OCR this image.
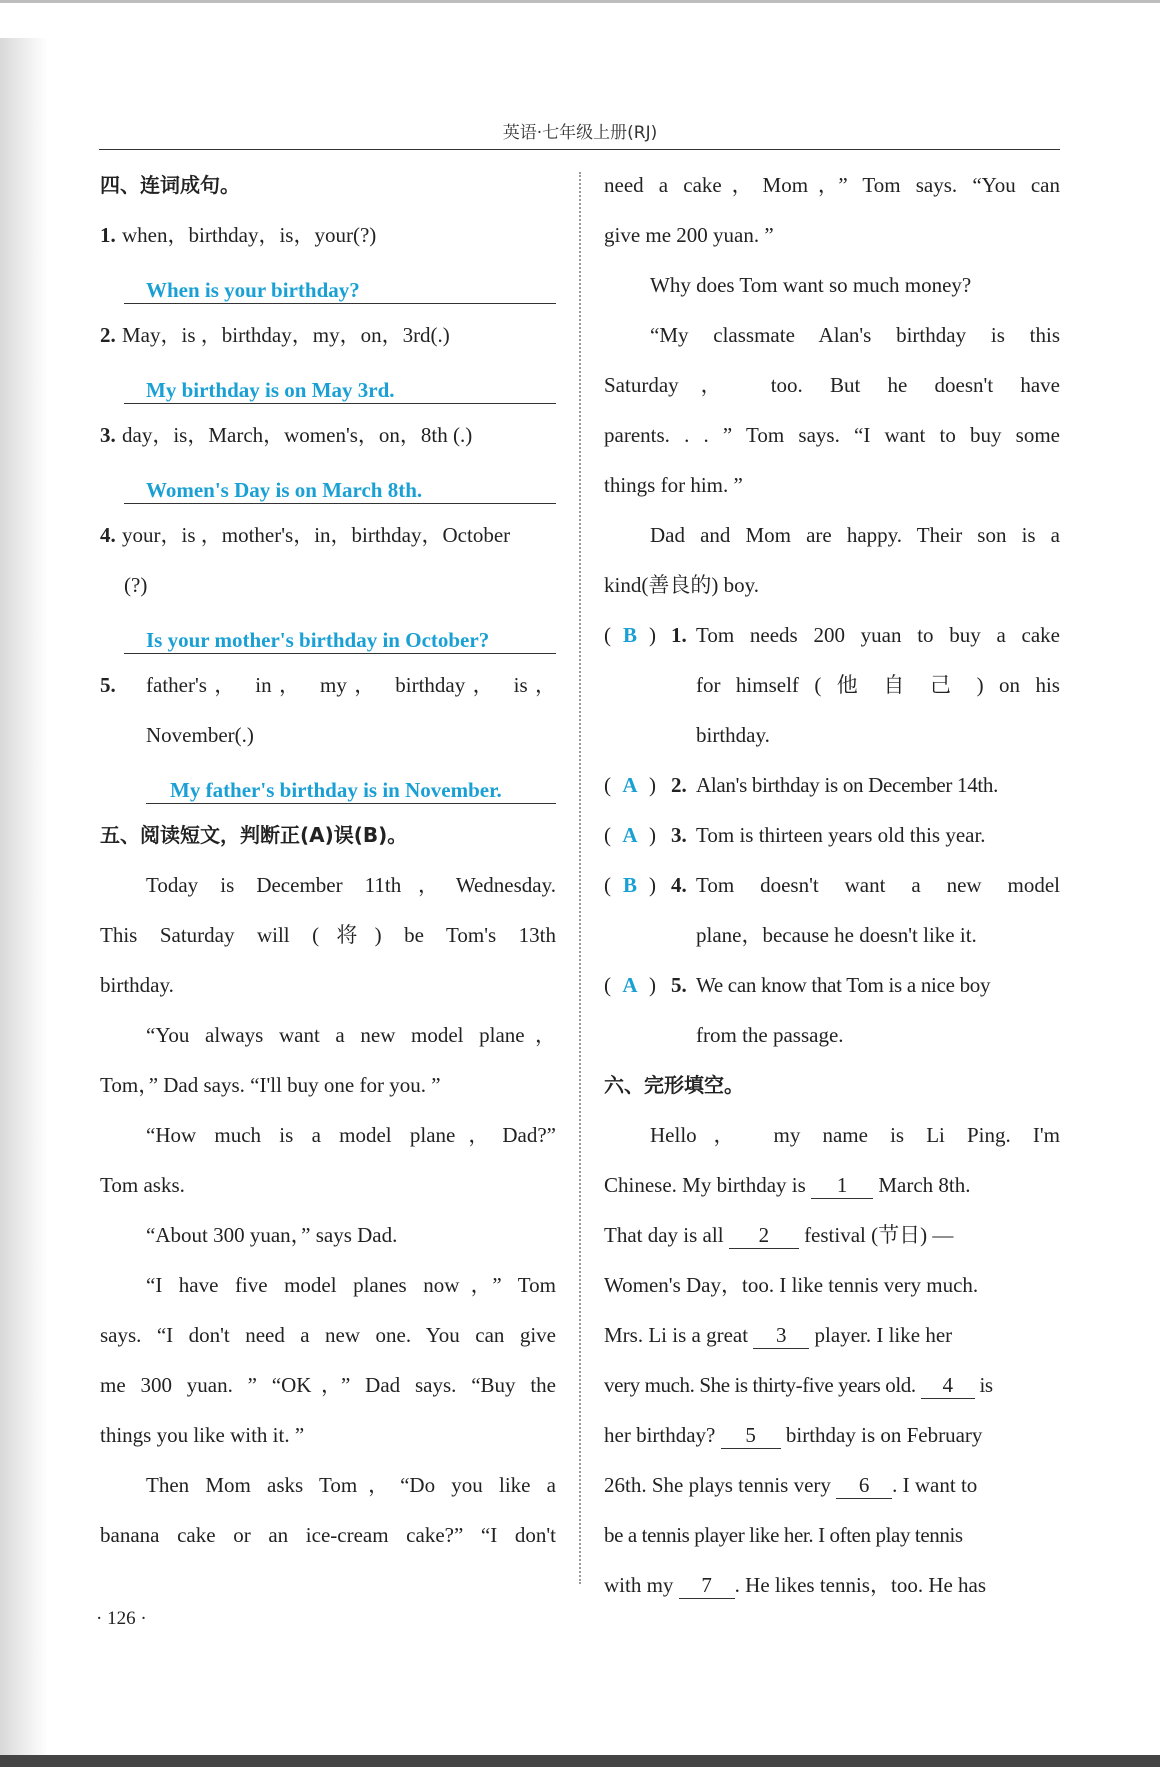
英语·七年级上册(RJ)
四、连词成句。
1. when，birthday，is，your(?)
When is your birthday?
2. May，is ，birthday，my，on，3rd(.)
My birthday is on May 3rd.
3. day，is，March，women's，on，8th (.)
Women's Day is on March 8th.
4. your，is ，mother's，in，birthday，October
(?)
Is your mother's birthday in October?
5. father's， in， my， birthday， is，
November(.)
My father's birthday is in November.
五、阅读短文，判断正(A)误(B)。
Today is December 11th，Wednesday.
This Saturday will (将) be Tom's 13th
birthday.
“You always want a new model plane，
Tom，” Dad says. “I'll buy one for you. ”
“How much is a model plane，Dad?”
Tom asks.
“About 300 yuan，” says Dad.
“I have five model planes now，” Tom
says. “I don't need a new one. You can give
me 300 yuan. ” “OK，” Dad says. “Buy the
things you like with it. ”
Then Mom asks Tom，“Do you like a
banana cake or an ice-cream cake?” “I don't
need a cake，Mom，” Tom says. “You can
give me 200 yuan. ”
Why does Tom want so much money?
“My classmate Alan's birthday is this
Saturday， too. But he doesn't have
parents. . . ” Tom says. “I want to buy some
things for him. ”
Dad and Mom are happy. Their son is a
kind(善良的) boy.
( B ) 1. Tom needs 200 yuan to buy a cake
for himself ( 他 自 己 ) on his
birthday.
( A ) 2. Alan's birthday is on December 14th.
( A ) 3. Tom is thirteen years old this year.
( B ) 4. Tom doesn't want a new model
plane，because he doesn't like it.
( A ) 5. We can know that Tom is a nice boy
from the passage.
六、完形填空。
Hello， my name is Li Ping. I'm
Chinese. My birthday is 1 March 8th.
That day is all 2 festival (节日) —
Women's Day，too. I like tennis very much.
Mrs. Li is a great 3 player. I like her
very much. She is thirty-five years old. 4 is
her birthday? 5 birthday is on February
26th. She plays tennis very 6 . I want to
be a tennis player like her. I often play tennis
with my 7 . He likes tennis，too. He has
· 126 ·
